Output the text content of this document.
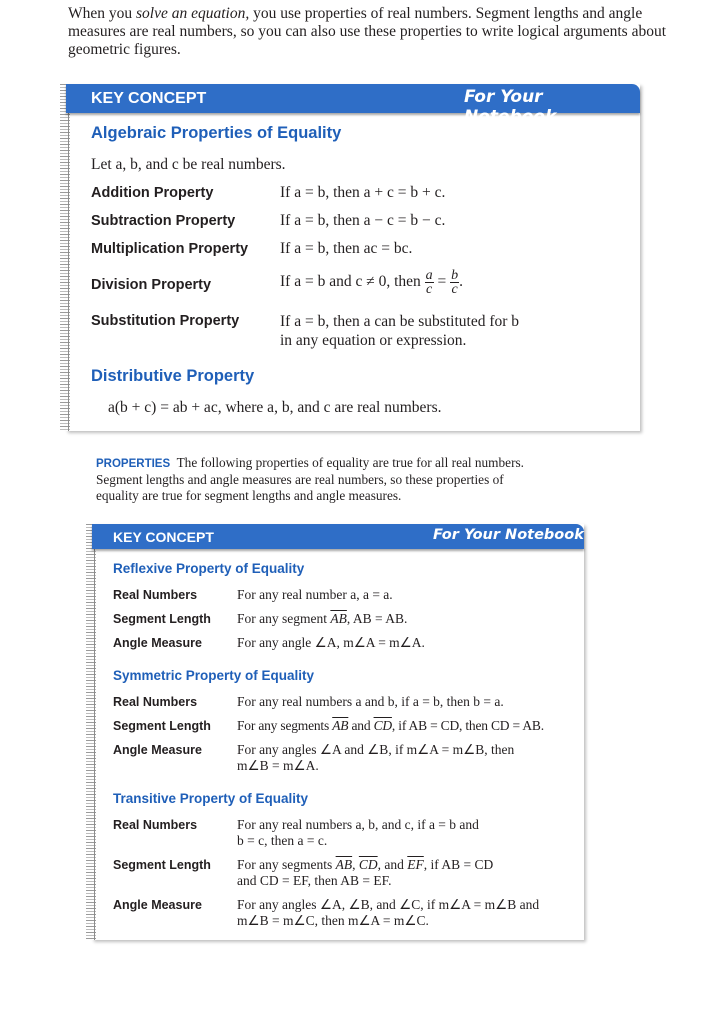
When you solve an equation, you use properties of real numbers. Segment lengths and angle measures are real numbers, so you can also use these properties to write logical arguments about geometric figures.
KEY CONCEPT	For Your Notebook
Algebraic Properties of Equality
Let a, b, and c be real numbers.
Addition Property	If a = b, then a + c = b + c.
Subtraction Property	If a = b, then a − c = b − c.
Multiplication Property If a = b, then ac = bc.
Division Property	If a = b and c ≠ 0, then $\frac{a}{c} = \frac{b}{c}$ .
Substitution Property	If a = b, then a can be substituted for b
in any equation or expression.
Distributive Property
a(b + c) = ab + ac, where a, b, and c are real numbers.
PROPERTIES The following properties of equality are true for all real numbers. Segment lengths and angle measures are real numbers, so these properties of equality are true for segment lengths and angle measures.
KEY CONCEPT	For Your Notebook
Reflexive Property of Equality
Real Numbers	For any real number a, a = a.
Segment Length For any segment $\overline{AB}$, AB = AB.
Angle Measure	For any angle ∠A, m∠A = m∠A.
Symmetric Property of Equality
Real Numbers	For any real numbers a and b, if a = b, then b = a.
Segment Length For any segments $\overline{AB}$ and $\overline{CD}$, if AB = CD, then CD = AB.
Angle Measure	For any angles ∠A and ∠B, if m∠A = m∠B, then
m∠B = m∠A.
Transitive Property of Equality
Real Numbers	For any real numbers a, b, and c, if a = b and
b = c, then a = c.
Segment Length For any segments $\overline{AB}$, $\overline{CD}$, and $\overline{EF}$, if AB = CD
and CD = EF, then AB = EF.
Angle Measure	For any angles ∠A, ∠B, and ∠C, if m∠A = m∠B and
m∠B = m∠C, then m∠A = m∠C.
